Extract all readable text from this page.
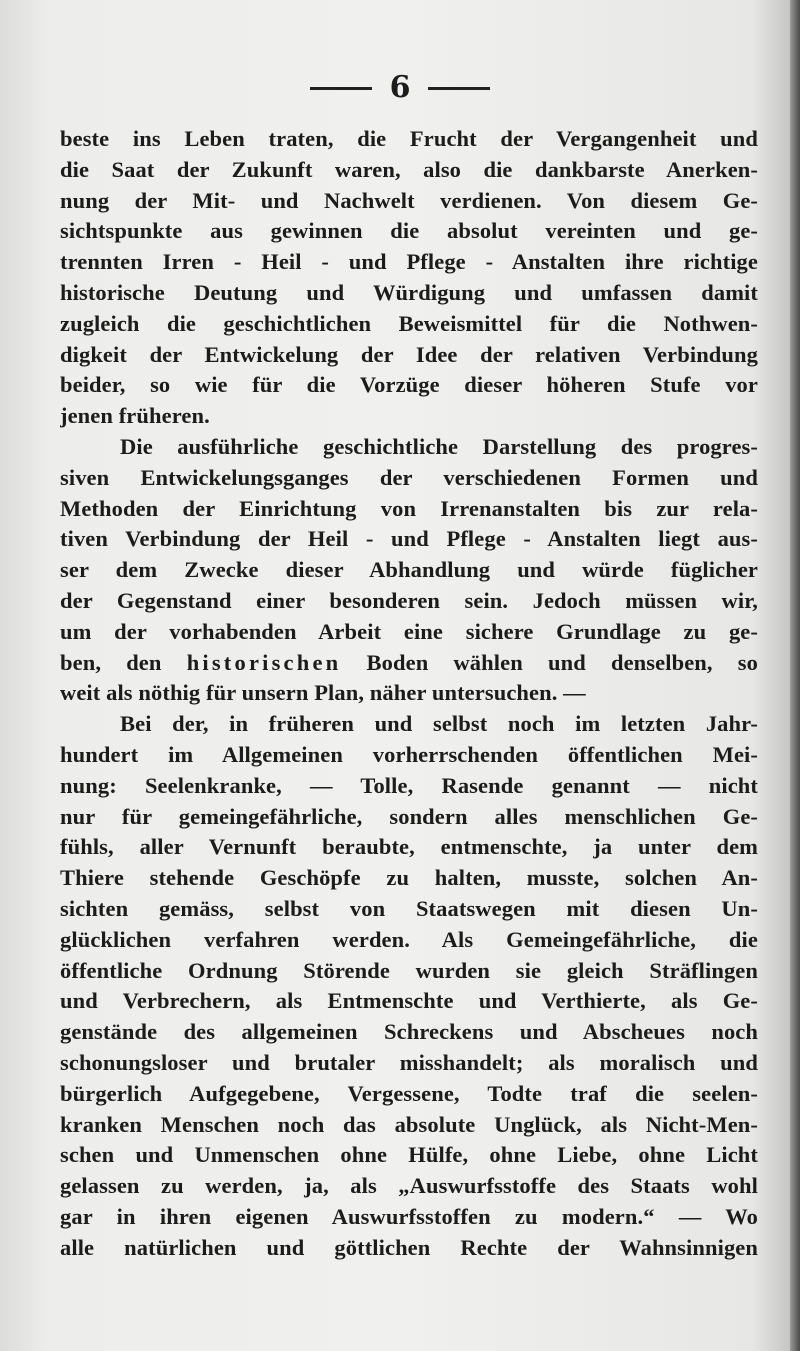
6
beste ins Leben traten, die Frucht der Vergangenheit und
die Saat der Zukunft waren, also die dankbarste Anerken-
nung der Mit- und Nachwelt verdienen. Von diesem Ge-
sichtspunkte aus gewinnen die absolut vereinten und ge-
trennten Irren - Heil - und Pflege - Anstalten ihre richtige
historische Deutung und Würdigung und umfassen damit
zugleich die geschichtlichen Beweismittel für die Nothwen-
digkeit der Entwickelung der Idee der relativen Verbindung
beider, so wie für die Vorzüge dieser höheren Stufe vor
jenen früheren.
Die ausführliche geschichtliche Darstellung des progres-
siven Entwickelungsganges der verschiedenen Formen und
Methoden der Einrichtung von Irrenanstalten bis zur rela-
tiven Verbindung der Heil - und Pflege - Anstalten liegt aus-
ser dem Zwecke dieser Abhandlung und würde füglicher
der Gegenstand einer besonderen sein. Jedoch müssen wir,
um der vorhabenden Arbeit eine sichere Grundlage zu ge-
ben, den historischen Boden wählen und denselben, so
weit als nöthig für unsern Plan, näher untersuchen. —
Bei der, in früheren und selbst noch im letzten Jahr-
hundert im Allgemeinen vorherrschenden öffentlichen Mei-
nung: Seelenkranke, — Tolle, Rasende genannt — nicht
nur für gemeingefährliche, sondern alles menschlichen Ge-
fühls, aller Vernunft beraubte, entmenschte, ja unter dem
Thiere stehende Geschöpfe zu halten, musste, solchen An-
sichten gemäss, selbst von Staatswegen mit diesen Un-
glücklichen verfahren werden. Als Gemeingefährliche, die
öffentliche Ordnung Störende wurden sie gleich Sträflingen
und Verbrechern, als Entmenschte und Verthierte, als Ge-
genstände des allgemeinen Schreckens und Abscheues noch
schonungsloser und brutaler misshandelt; als moralisch und
bürgerlich Aufgegebene, Vergessene, Todte traf die seelen-
kranken Menschen noch das absolute Unglück, als Nicht-Men-
schen und Unmenschen ohne Hülfe, ohne Liebe, ohne Licht
gelassen zu werden, ja, als „Auswurfsstoffe des Staats wohl
gar in ihren eigenen Auswurfsstoffen zu modern.“ — Wo
alle natürlichen und göttlichen Rechte der Wahnsinnigen
